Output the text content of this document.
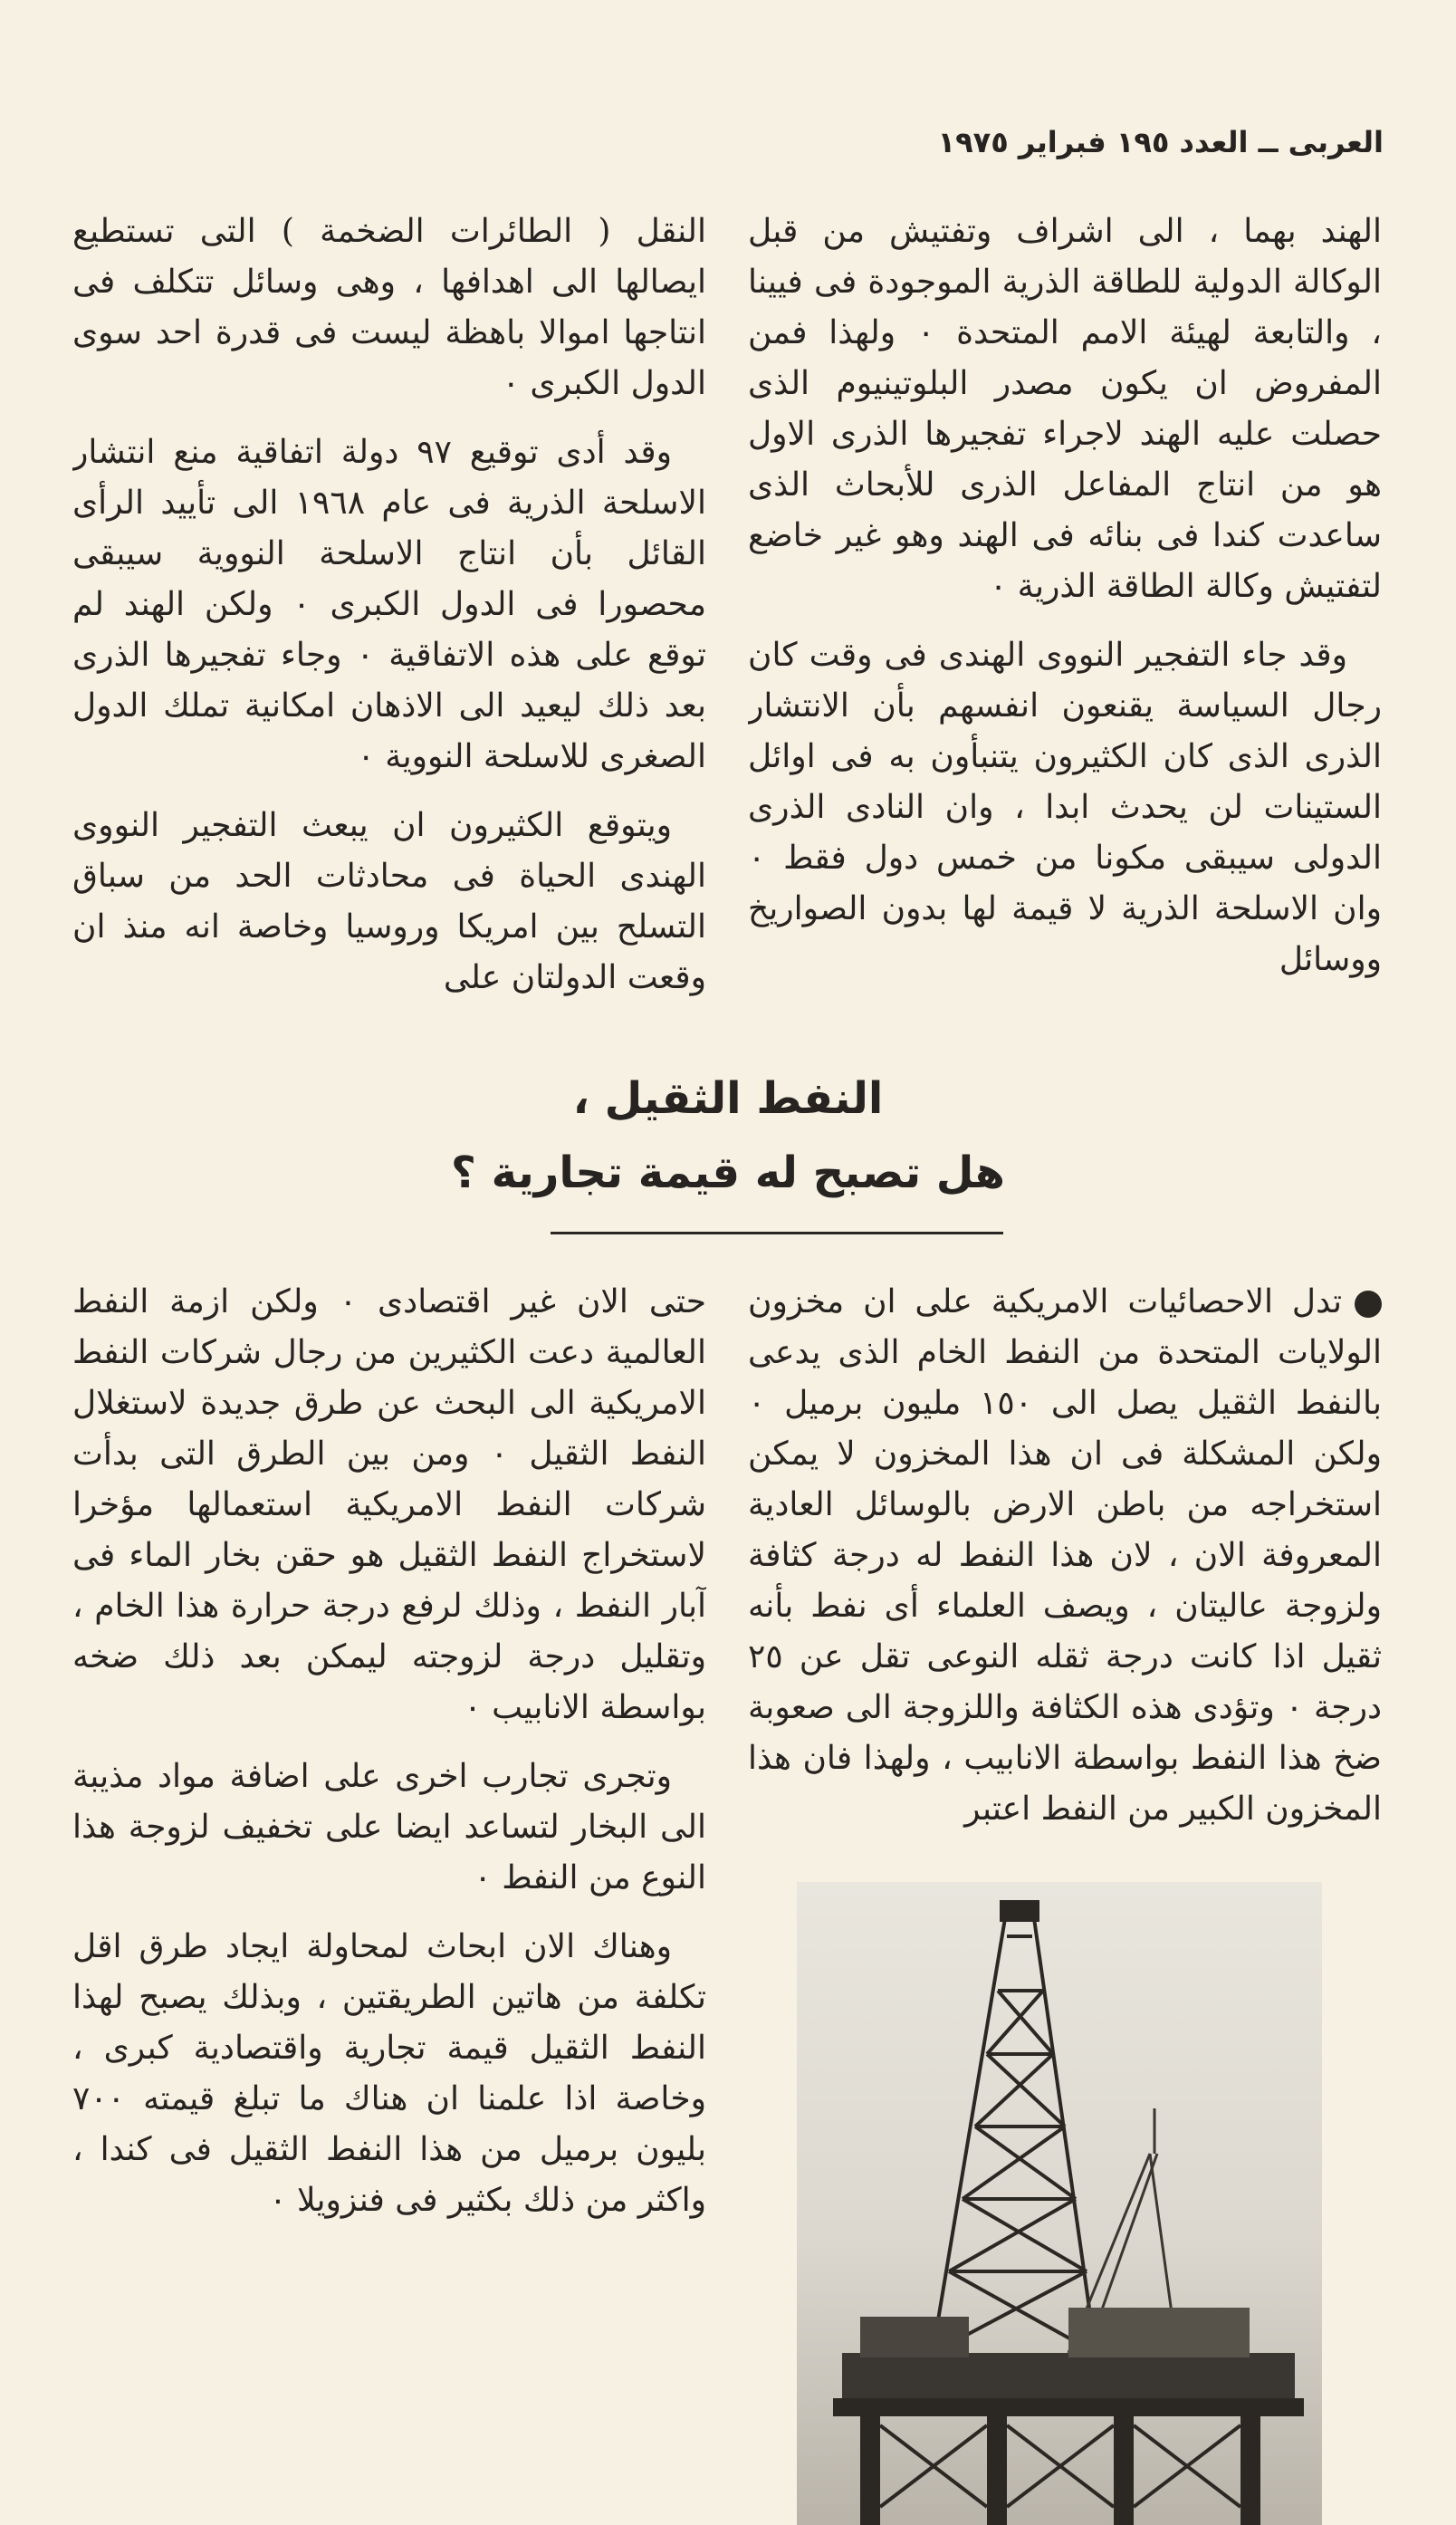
العربى ــ العدد ١٩٥ فبراير ١٩٧٥

الهند بهما ، الى اشراف وتفتيش من قبل الوكالة الدولية للطاقة الذرية الموجودة فى فيينا ، والتابعة لهيئة الامم المتحدة ٠ ولهذا فمن المفروض ان يكون مصدر البلوتينيوم الذى حصلت عليه الهند لاجراء تفجيرها الذرى الاول هو من انتاج المفاعل الذرى للأبحاث الذى ساعدت كندا فى بنائه فى الهند وهو غير خاضع لتفتيش وكالة الطاقة الذرية ٠

وقد جاء التفجير النووى الهندى فى وقت كان رجال السياسة يقنعون انفسهم بأن الانتشار الذرى الذى كان الكثيرون يتنبأون به فى اوائل الستينات لن يحدث ابدا ، وان النادى الذرى الدولى سيبقى مكونا من خمس دول فقط ٠ وان الاسلحة الذرية لا قيمة لها بدون الصواريخ ووسائل

النقل ( الطائرات الضخمة ) التى تستطيع ايصالها الى اهدافها ، وهى وسائل تتكلف فى انتاجها اموالا باهظة ليست فى قدرة احد سوى الدول الكبرى ٠

وقد أدى توقيع ٩٧ دولة اتفاقية منع انتشار الاسلحة الذرية فى عام ١٩٦٨ الى تأييد الرأى القائل بأن انتاج الاسلحة النووية سيبقى محصورا فى الدول الكبرى ٠ ولكن الهند لم توقع على هذه الاتفاقية ٠ وجاء تفجيرها الذرى بعد ذلك ليعيد الى الاذهان امكانية تملك الدول الصغرى للاسلحة النووية ٠

ويتوقع الكثيرون ان يبعث التفجير النووى الهندى الحياة فى محادثات الحد من سباق التسلح بين امريكا وروسيا وخاصة انه منذ ان وقعت الدولتان على

النفط الثقيل ،
هل تصبح له قيمة تجارية ؟

تدل الاحصائيات الامريكية على ان مخزون الولايات المتحدة من النفط الخام الذى يدعى بالنفط الثقيل يصل الى ١٥٠ مليون برميل ٠ ولكن المشكلة فى ان هذا المخزون لا يمكن استخراجه من باطن الارض بالوسائل العادية المعروفة الان ، لان هذا النفط له درجة كثافة ولزوجة عاليتان ، ويصف العلماء أى نفط بأنه ثقيل اذا كانت درجة ثقله النوعى تقل عن ٢٥ درجة ٠ وتؤدى هذه الكثافة واللزوجة الى صعوبة ضخ هذا النفط بواسطة الانابيب ، ولهذا فان هذا المخزون الكبير من النفط اعتبر

حتى الان غير اقتصادى ٠ ولكن ازمة النفط العالمية دعت الكثيرين من رجال شركات النفط الامريكية الى البحث عن طرق جديدة لاستغلال النفط الثقيل ٠ ومن بين الطرق التى بدأت شركات النفط الامريكية استعمالها مؤخرا لاستخراج النفط الثقيل هو حقن بخار الماء فى آبار النفط ، وذلك لرفع درجة حرارة هذا الخام ، وتقليل درجة لزوجته ليمكن بعد ذلك ضخه بواسطة الانابيب ٠

وتجرى تجارب اخرى على اضافة مواد مذيبة الى البخار لتساعد ايضا على تخفيف لزوجة هذا النوع من النفط ٠

وهناك الان ابحاث لمحاولة ايجاد طرق اقل تكلفة من هاتين الطريقتين ، وبذلك يصبح لهذا النفط الثقيل قيمة تجارية واقتصادية كبرى ، وخاصة اذا علمنا ان هناك ما تبلغ قيمته ٧٠٠ بليون برميل من هذا النفط الثقيل فى كندا ، واكثر من ذلك بكثير فى فنزويلا ٠
